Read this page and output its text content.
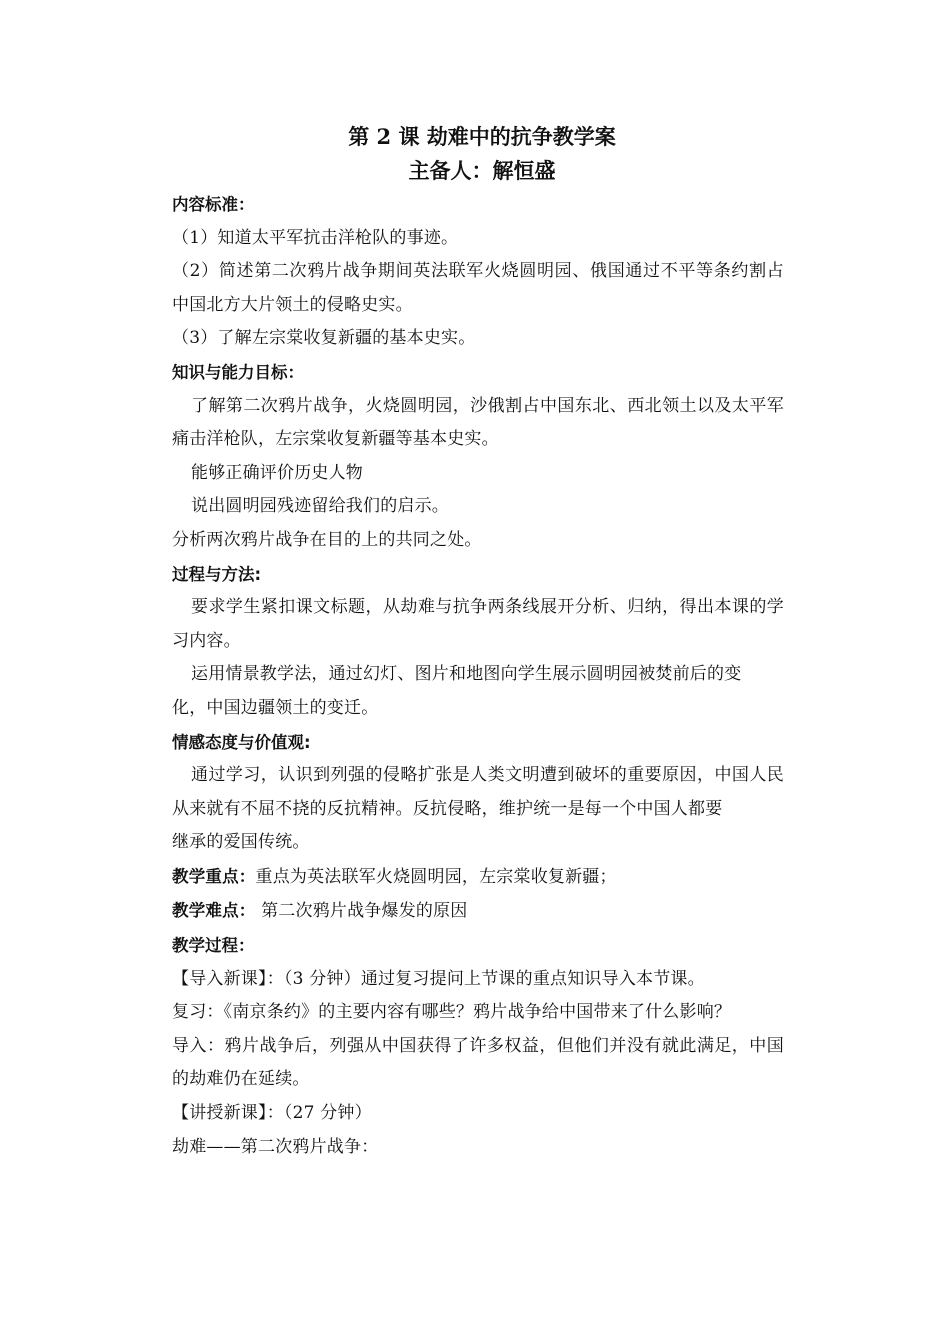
第 2 课 劫难中的抗争教学案
主备人：解恒盛
内容标准：

（1）知道太平军抗击洋枪队的事迹。

（2）简述第二次鸦片战争期间英法联军火烧圆明园、俄国通过不平等条约割占中国北方大片领土的侵略史实。

（3）了解左宗棠收复新疆的基本史实。

知识与能力目标：

了解第二次鸦片战争，火烧圆明园，沙俄割占中国东北、西北领土以及太平军痛击洋枪队，左宗棠收复新疆等基本史实。

能够正确评价历史人物

说出圆明园残迹留给我们的启示。

分析两次鸦片战争在目的上的共同之处。

过程与方法:

要求学生紧扣课文标题，从劫难与抗争两条线展开分析、归纳，得出本课的学习内容。

运用情景教学法，通过幻灯、图片和地图向学生展示圆明园被焚前后的变

化，中国边疆领土的变迁。

情感态度与价值观:

通过学习，认识到列强的侵略扩张是人类文明遭到破坏的重要原因，中国人民从来就有不屈不挠的反抗精神。反抗侵略，维护统一是每一个中国人都要

继承的爱国传统。

教学重点：重点为英法联军火烧圆明园，左宗棠收复新疆；

教学难点： 第二次鸦片战争爆发的原因

教学过程：

【导入新课】：（3 分钟）通过复习提问上节课的重点知识导入本节课。

复习：《南京条约》的主要内容有哪些？鸦片战争给中国带来了什么影响？

导入：鸦片战争后，列强从中国获得了许多权益，但他们并没有就此满足，中国的劫难仍在延续。

【讲授新课】：（27 分钟）

劫难——第二次鸦片战争：
